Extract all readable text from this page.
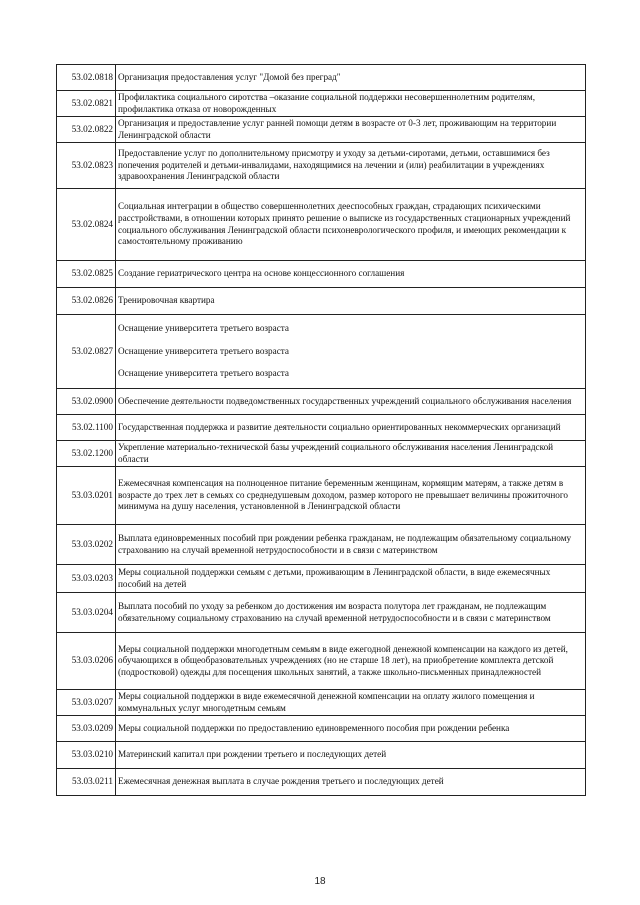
53.02.0818	Организация предоставления услуг "Домой без преград"
53.02.0821	Профилактика социального сиротства –оказание социальной поддержки несовершеннолетним родителям, профилактика отказа от новорожденных
53.02.0822	Организация и предоставление услуг ранней помощи детям в возрасте от 0-3 лет, проживающим на территории Ленинградской области
53.02.0823	Предоставление услуг по дополнительному присмотру и уходу за детьми-сиротами, детьми, оставшимися без попечения родителей и детьми-инвалидами, находящимися на лечении и (или) реабилитации в учреждениях здравоохранения Ленинградской области
53.02.0824	Социальная интеграции в общество совершеннолетних дееспособных граждан, страдающих психическими расстройствами, в отношении которых принято решение о выписке из государственных стационарных учреждений социального обслуживания Ленинградской области психоневрологического профиля, и имеющих рекомендации к самостоятельному проживанию
53.02.0825	Создание гериатрического центра на основе концессионного соглашения
53.02.0826	Тренировочная квартира
53.02.0827	Оснащение университета третьего возраста
Оснащение университета третьего возраста
Оснащение университета третьего возраста

53.02.0900	Обеспечение деятельности подведомственных государственных учреждений социального обслуживания населения
53.02.1100	Государственная поддержка и развитие деятельности социально ориентированных некоммерческих организаций
53.02.1200	Укрепление материально-технической базы учреждений социального обслуживания населения Ленинградской области
53.03.0201	Ежемесячная компенсация на полноценное питание беременным женщинам, кормящим матерям, а также детям в возрасте до трех лет в семьях со среднедушевым доходом, размер которого не превышает величины прожиточного минимума на душу населения, установленной в Ленинградской области
53.03.0202	Выплата единовременных пособий при рождении ребенка гражданам, не подлежащим обязательному социальному страхованию на случай временной нетрудоспособности и в связи с материнством
53.03.0203	Меры социальной поддержки семьям с детьми, проживающим в Ленинградской области, в виде ежемесячных пособий на детей
53.03.0204	Выплата пособий по уходу за ребенком до достижения им возраста полутора лет гражданам, не подлежащим обязательному социальному страхованию на случай временной нетрудоспособности и в связи с материнством
53.03.0206	Меры социальной поддержки многодетным семьям в виде ежегодной денежной компенсации на каждого из детей, обучающихся в общеобразовательных учреждениях (но не старше 18 лет), на приобретение комплекта детской (подростковой) одежды для посещения школьных занятий, а также школьно-письменных принадлежностей
53.03.0207	Меры социальной поддержки в виде ежемесячной денежной компенсации на оплату жилого помещения и коммунальных услуг многодетным семьям
53.03.0209	Меры социальной поддержки по предоставлению единовременного пособия при рождении ребенка
53.03.0210	Материнский капитал при рождении третьего и последующих детей
53.03.0211	Ежемесячная денежная выплата в случае рождения третьего и последующих детей
18
